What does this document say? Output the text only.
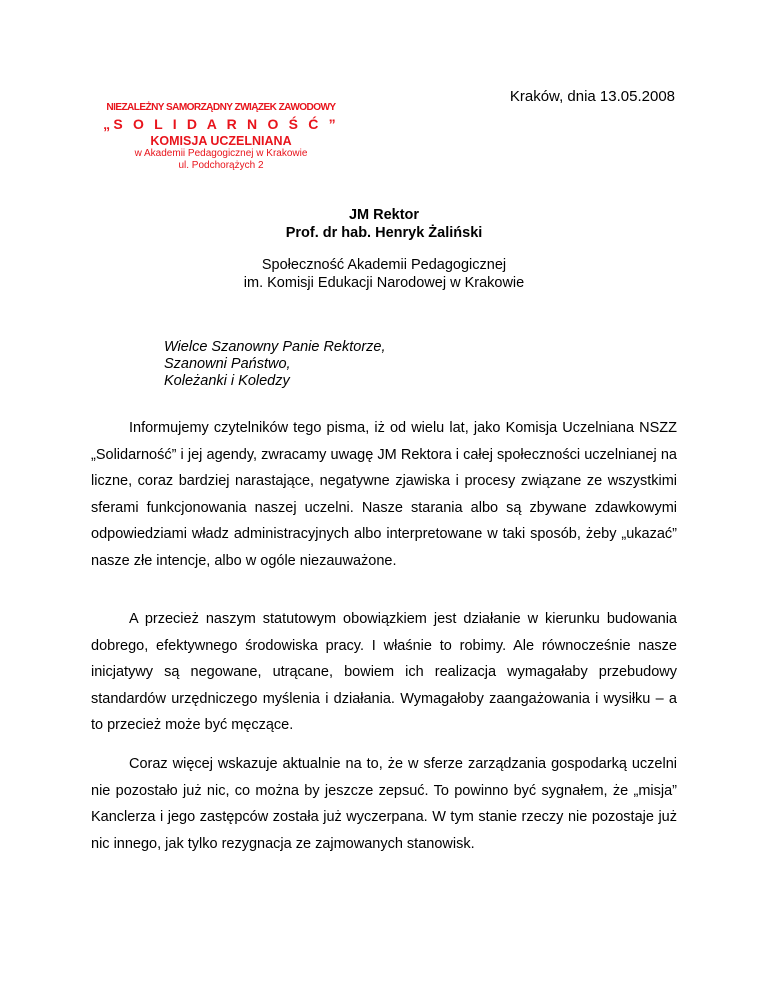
Kraków, dnia 13.05.2008
NIEZALEŻNY SAMORZĄDNY ZWIĄZEK ZAWODOWY
„S O L I D A R N O Ś Ć ”
KOMISJA UCZELNIANA
w Akademii Pedagogicznej w Krakowie
ul. Podchorążych 2
JM Rektor
Prof. dr hab. Henryk Żaliński
Społeczność Akademii Pedagogicznej
im. Komisji Edukacji Narodowej w Krakowie
Wielce Szanowny Panie Rektorze,
Szanowni Państwo,
Koleżanki i Koledzy
Informujemy czytelników tego pisma, iż od wielu lat, jako Komisja Uczelniana NSZZ „Solidarność” i jej agendy, zwracamy uwagę JM Rektora i całej społeczności uczelnianej na liczne, coraz bardziej narastające, negatywne zjawiska i procesy związane ze wszystkimi sferami funkcjonowania naszej uczelni. Nasze starania albo są zbywane zdawkowymi odpowiedziami władz administracyjnych albo interpretowane w taki sposób, żeby „ukazać” nasze złe intencje, albo w ogóle niezauważone.
A przecież naszym statutowym obowiązkiem jest działanie w kierunku budowania dobrego, efektywnego środowiska pracy. I właśnie to robimy. Ale równocześnie nasze inicjatywy są negowane, utrącane, bowiem ich realizacja wymagałaby przebudowy standardów urzędniczego myślenia i działania. Wymagałoby zaangażowania i wysiłku – a to przecież może być męczące.
Coraz więcej wskazuje aktualnie na to, że w sferze zarządzania gospodarką uczelni nie pozostało już nic, co można by jeszcze zepsuć. To powinno być sygnałem, że „misja” Kanclerza i jego zastępców została już wyczerpana. W tym stanie rzeczy nie pozostaje już nic innego, jak tylko rezygnacja ze zajmowanych stanowisk.
